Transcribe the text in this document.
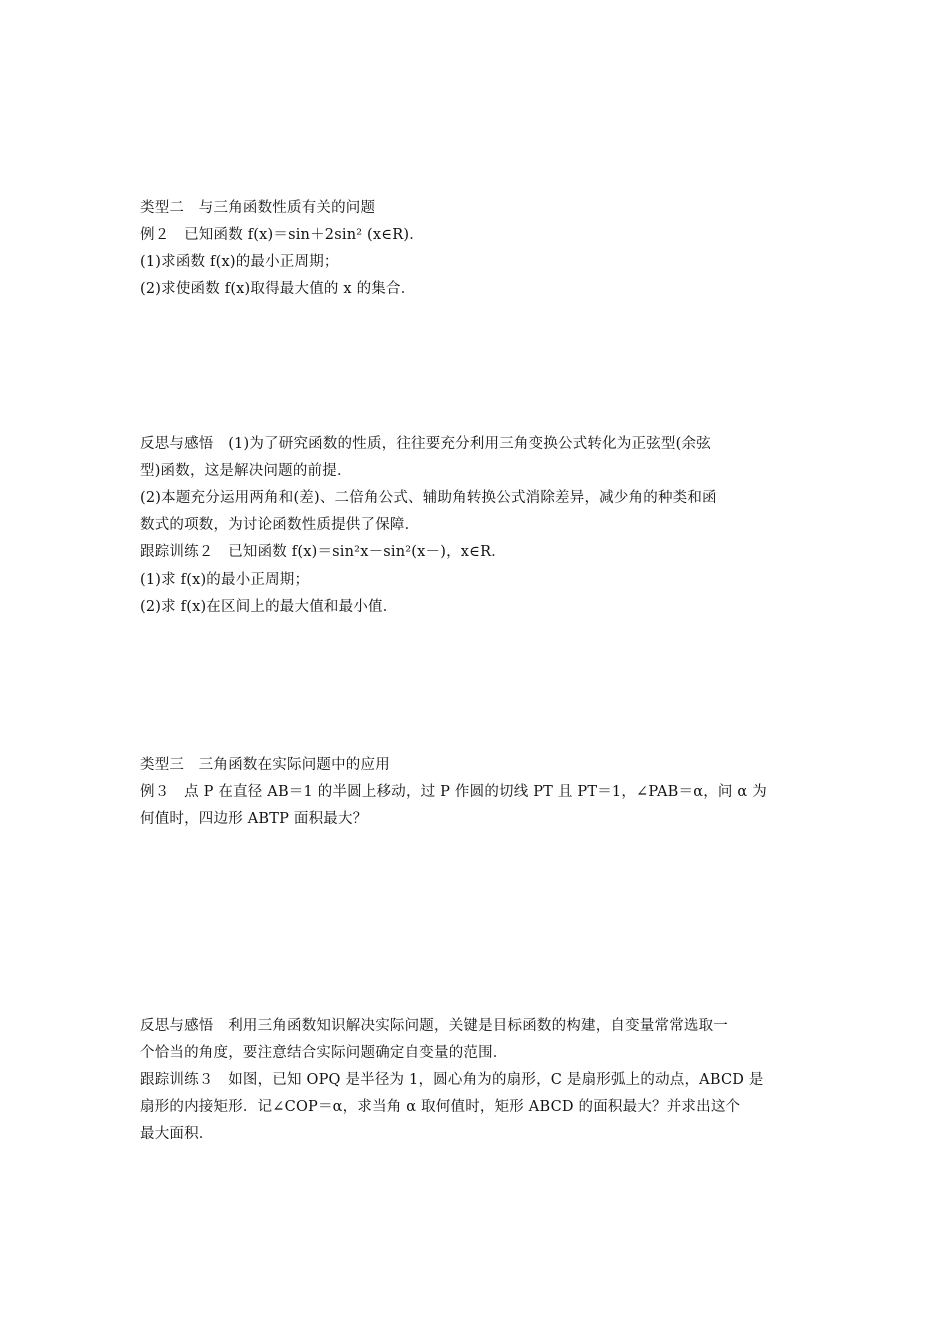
类型二　与三角函数性质有关的问题
例２　已知函数 f(x)＝sin＋2sin² (x∈R)．
(1)求函数 f(x)的最小正周期；
(2)求使函数 f(x)取得最大值的 x 的集合．
反思与感悟　(1)为了研究函数的性质，往往要充分利用三角变换公式转化为正弦型(余弦
型)函数，这是解决问题的前提．
(2)本题充分运用两角和(差)、二倍角公式、辅助角转换公式消除差异，减少角的种类和函
数式的项数，为讨论函数性质提供了保障．
跟踪训练２　已知函数 f(x)＝sin²x－sin²(x－)，x∈R．
(1)求 f(x)的最小正周期；
(2)求 f(x)在区间上的最大值和最小值．
类型三　三角函数在实际问题中的应用
例３　点 P 在直径 AB＝1 的半圆上移动，过 P 作圆的切线 PT 且 PT＝1，∠PAB＝α，问 α 为
何值时，四边形 ABTP 面积最大？
反思与感悟　利用三角函数知识解决实际问题，关键是目标函数的构建，自变量常常选取一
个恰当的角度，要注意结合实际问题确定自变量的范围．
跟踪训练３　如图，已知 OPQ 是半径为 1，圆心角为的扇形，C 是扇形弧上的动点，ABCD 是
扇形的内接矩形．记∠COP＝α，求当角 α 取何值时，矩形 ABCD 的面积最大？并求出这个
最大面积．
